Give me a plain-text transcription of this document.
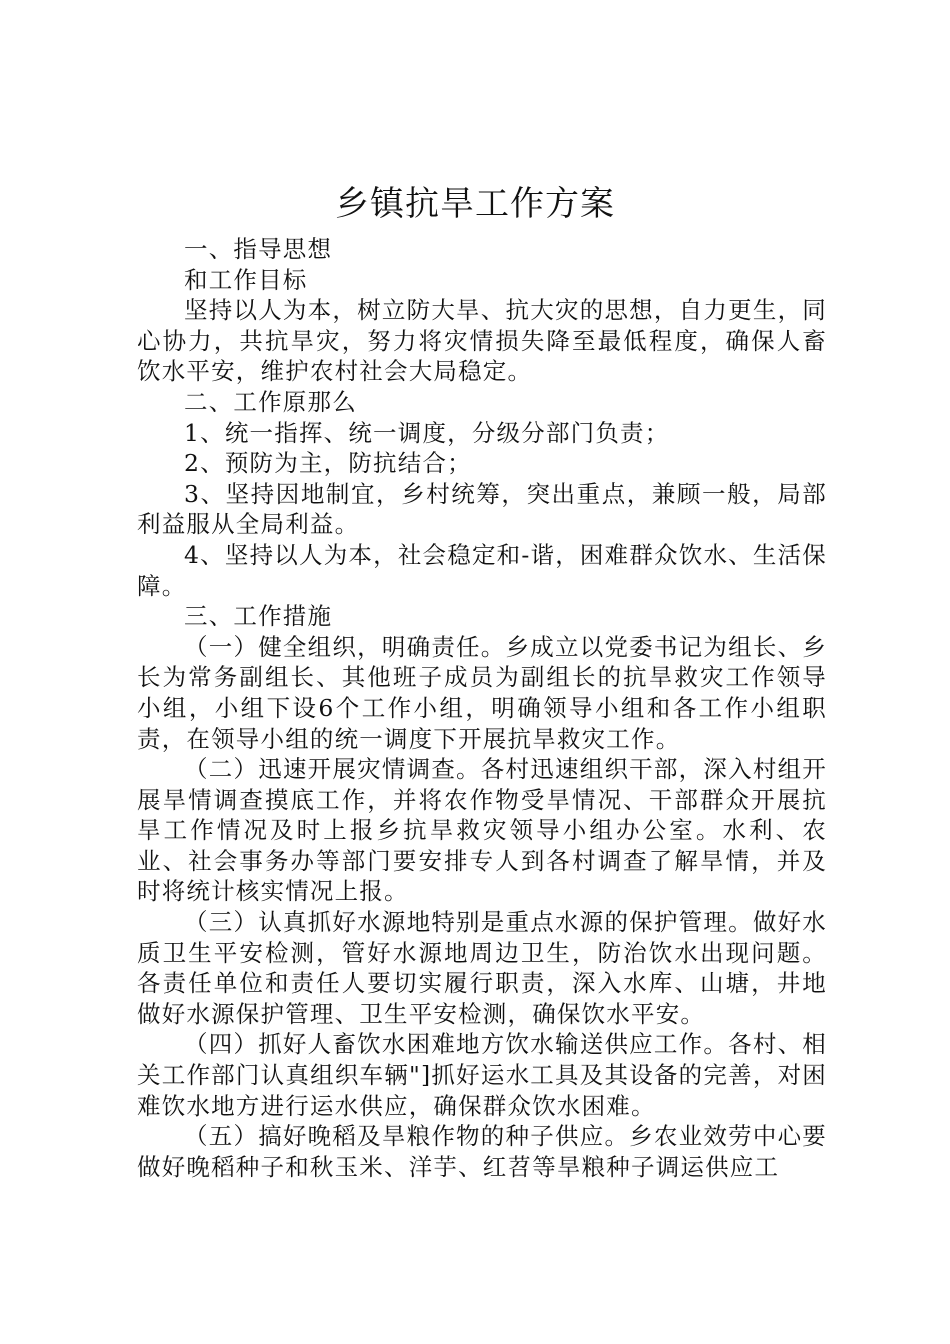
乡镇抗旱工作方案

一、指导思想

和工作目标

坚持以人为本，树立防大旱、抗大灾的思想，自力更生，同心协力，共抗旱灾，努力将灾情损失降至最低程度，确保人畜饮水平安，维护农村社会大局稳定。

二、工作原那么

1、统一指挥、统一调度，分级分部门负责；

2、预防为主，防抗结合；

3、坚持因地制宜，乡村统筹，突出重点，兼顾一般，局部利益服从全局利益。

4、坚持以人为本，社会稳定和-谐，困难群众饮水、生活保障。

三、工作措施

（一）健全组织，明确责任。乡成立以党委书记为组长、乡长为常务副组长、其他班子成员为副组长的抗旱救灾工作领导小组，小组下设6个工作小组，明确领导小组和各工作小组职责，在领导小组的统一调度下开展抗旱救灾工作。

（二）迅速开展灾情调查。各村迅速组织干部，深入村组开展旱情调查摸底工作，并将农作物受旱情况、干部群众开展抗旱工作情况及时上报乡抗旱救灾领导小组办公室。水利、农业、社会事务办等部门要安排专人到各村调查了解旱情，并及时将统计核实情况上报。

（三）认真抓好水源地特别是重点水源的保护管理。做好水质卫生平安检测，管好水源地周边卫生，防治饮水出现问题。各责任单位和责任人要切实履行职责，深入水库、山塘，井地做好水源保护管理、卫生平安检测，确保饮水平安。

（四）抓好人畜饮水困难地方饮水输送供应工作。各村、相关工作部门认真组织车辆"]抓好运水工具及其设备的完善，对困难饮水地方进行运水供应，确保群众饮水困难。

（五）搞好晚稻及旱粮作物的种子供应。乡农业效劳中心要做好晚稻种子和秋玉米、洋芋、红苕等旱粮种子调运供应工
